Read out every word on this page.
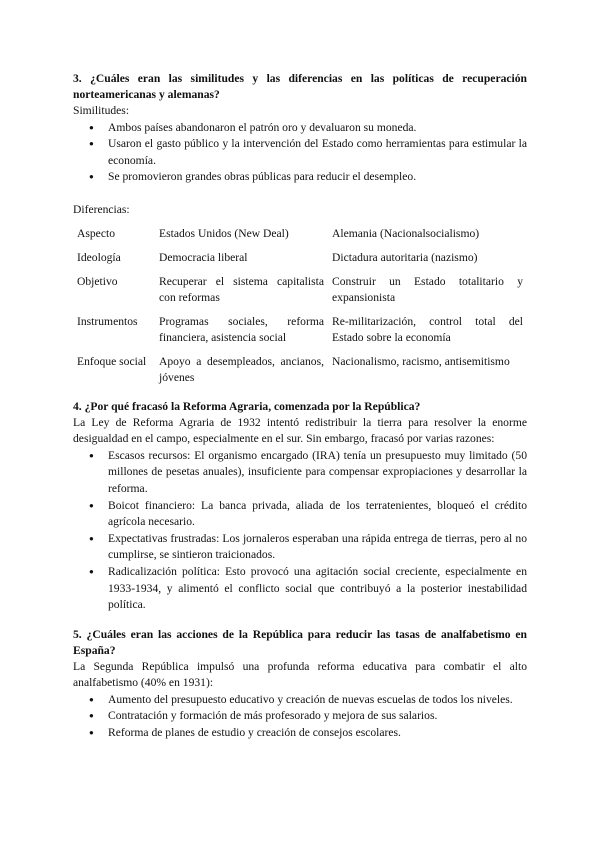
3. ¿Cuáles eran las similitudes y las diferencias en las políticas de recuperación norteamericanas y alemanas?

Similitudes:

● Ambos países abandonaron el patrón oro y devaluaron su moneda.
● Usaron el gasto público y la intervención del Estado como herramientas para estimular la economía.
● Se promovieron grandes obras públicas para reducir el desempleo.

Diferencias:

Aspecto	Estados Unidos (New Deal)	Alemania (Nacionalsocialismo)
Ideología	Democracia liberal	Dictadura autoritaria (nazismo)
Objetivo	Recuperar el sistema capitalista con reformas	Construir un Estado totalitario y expansionista
Instrumentos	Programas sociales, reforma financiera, asistencia social	Re-militarización, control total del Estado sobre la economía
Enfoque social	Apoyo a desempleados, ancianos, jóvenes	Nacionalismo, racismo, antisemitismo
4. ¿Por qué fracasó la Reforma Agraria, comenzada por la República?

La Ley de Reforma Agraria de 1932 intentó redistribuir la tierra para resolver la enorme desigualdad en el campo, especialmente en el sur. Sin embargo, fracasó por varias razones:

● Escasos recursos: El organismo encargado (IRA) tenía un presupuesto muy limitado (50 millones de pesetas anuales), insuficiente para compensar expropiaciones y desarrollar la reforma.
● Boicot financiero: La banca privada, aliada de los terratenientes, bloqueó el crédito agrícola necesario.
● Expectativas frustradas: Los jornaleros esperaban una rápida entrega de tierras, pero al no cumplirse, se sintieron traicionados.
● Radicalización política: Esto provocó una agitación social creciente, especialmente en 1933-1934, y alimentó el conflicto social que contribuyó a la posterior inestabilidad política.
5. ¿Cuáles eran las acciones de la República para reducir las tasas de analfabetismo en España?

La Segunda República impulsó una profunda reforma educativa para combatir el alto analfabetismo (40% en 1931):

● Aumento del presupuesto educativo y creación de nuevas escuelas de todos los niveles.
● Contratación y formación de más profesorado y mejora de sus salarios.
● Reforma de planes de estudio y creación de consejos escolares.
